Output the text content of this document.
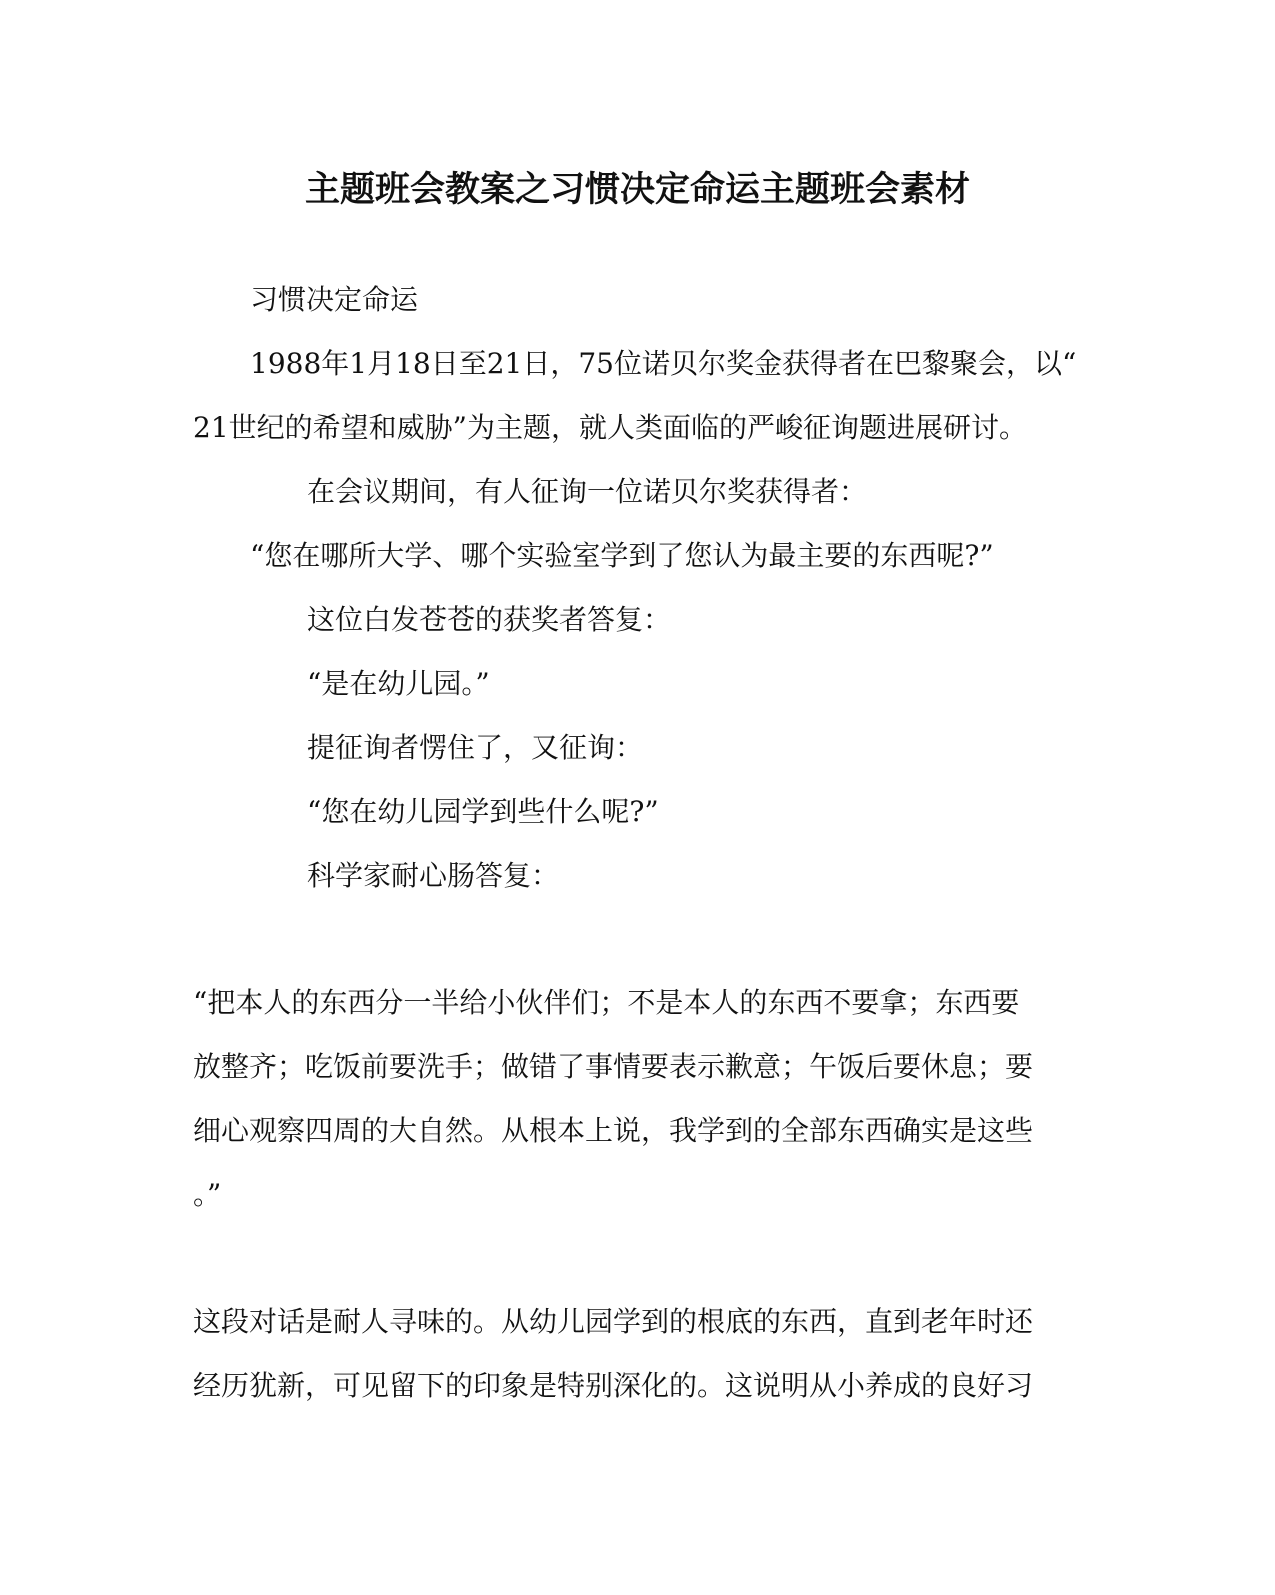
主题班会教案之习惯决定命运主题班会素材
习惯决定命运
1988年1月18日至21日，75位诺贝尔奖金获得者在巴黎聚会，以“
21世纪的希望和威胁”为主题，就人类面临的严峻征询题进展研讨。
在会议期间，有人征询一位诺贝尔奖获得者：
“您在哪所大学、哪个实验室学到了您认为最主要的东西呢?”
这位白发苍苍的获奖者答复：
“是在幼儿园。”
提征询者愣住了，又征询：
“您在幼儿园学到些什么呢?”
科学家耐心肠答复：
“把本人的东西分一半给小伙伴们；不是本人的东西不要拿；东西要
放整齐；吃饭前要洗手；做错了事情要表示歉意；午饭后要休息；要
细心观察四周的大自然。从根本上说，我学到的全部东西确实是这些
。”
这段对话是耐人寻味的。从幼儿园学到的根底的东西，直到老年时还
经历犹新，可见留下的印象是特别深化的。这说明从小养成的良好习
